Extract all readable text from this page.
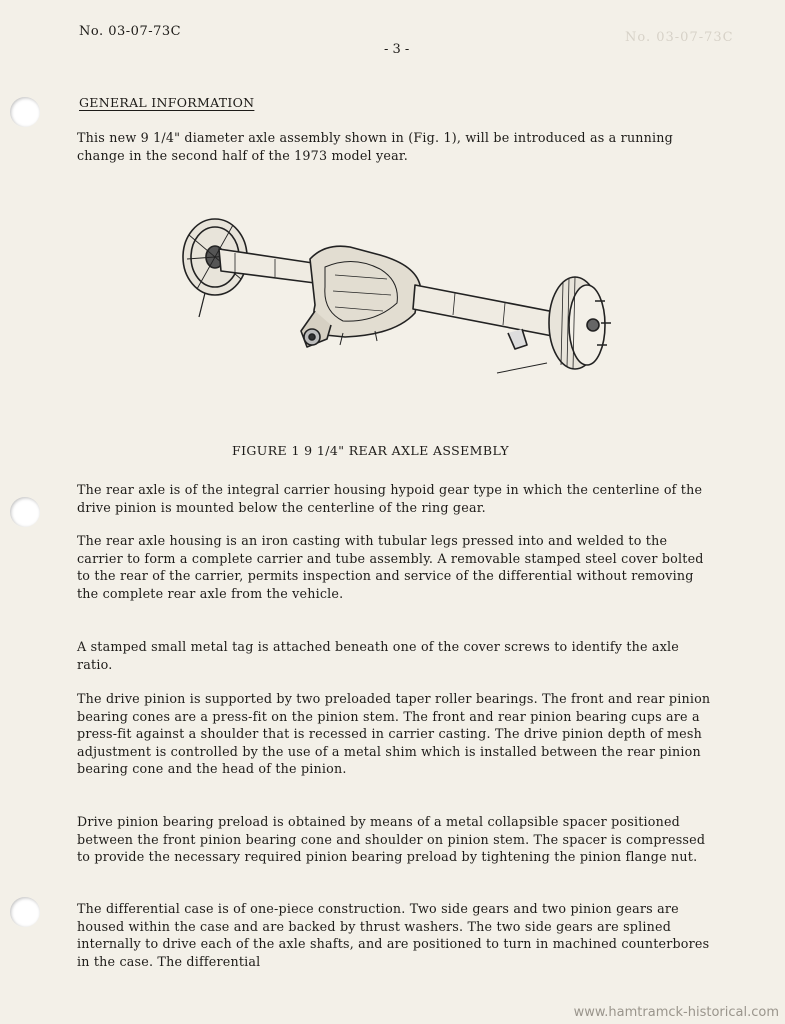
No. 03-07-73C
No. 03-07-73C
- 3 -
GENERAL INFORMATION

This new 9 1/4" diameter axle assembly shown in (Fig. 1), will be introduced as a running change in the second half of the 1973 model year.

FIGURE 1 9 1/4" REAR AXLE ASSEMBLY

The rear axle is of the integral carrier housing hypoid gear type in which the centerline of the drive pinion is mounted below the centerline of the ring gear.

The rear axle housing is an iron casting with tubular legs pressed into and welded to the carrier to form a complete carrier and tube assembly. A removable stamped steel cover bolted to the rear of the carrier, permits inspection and service of the differential without removing the complete rear axle from the vehicle.

A stamped small metal tag is attached beneath one of the cover screws to identify the axle ratio.

The drive pinion is supported by two preloaded taper roller bearings. The front and rear pinion bearing cones are a press-fit on the pinion stem. The front and rear pinion bearing cups are a press-fit against a shoulder that is recessed in carrier casting. The drive pinion depth of mesh adjustment is controlled by the use of a metal shim which is installed between the rear pinion bearing cone and the head of the pinion.

Drive pinion bearing preload is obtained by means of a metal collapsible spacer positioned between the front pinion bearing cone and shoulder on pinion stem. The spacer is compressed to provide the necessary required pinion bearing preload by tightening the pinion flange nut.

The differential case is of one-piece construction. Two side gears and two pinion gears are housed within the case and are backed by thrust washers. The two side gears are splined internally to drive each of the axle shafts, and are positioned to turn in machined counterbores in the case. The differential

www.hamtramck-historical.com
